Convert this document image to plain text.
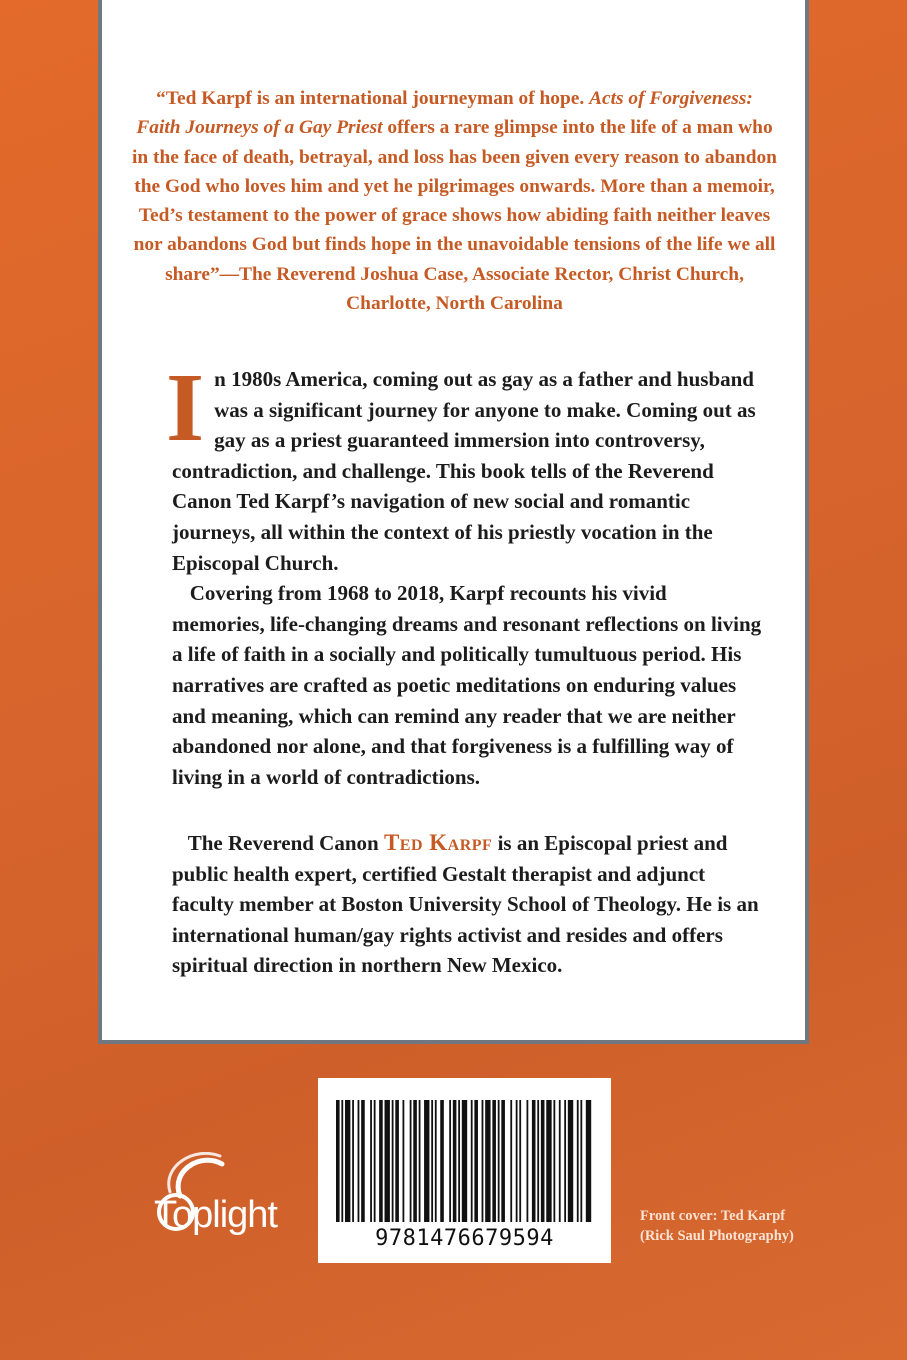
“Ted Karpf is an international journeyman of hope. Acts of Forgiveness:
Faith Journeys of a Gay Priest offers a rare glimpse into the life of a man who in the face of death, betrayal, and loss has been given every reason to abandon the God who loves him and yet he pilgrimages onwards. More than a memoir, Ted’s testament to the power of grace shows how abiding faith neither leaves nor abandons God but finds hope in the unavoidable tensions of the life we all share”—The Reverend Joshua Case, Associate Rector, Christ Church, Charlotte, North Carolina

In 1980s America, coming out as gay as a father and husband was a significant journey for anyone to make. Coming out as gay as a priest guaranteed immersion into controversy, contradiction, and challenge. This book tells of the Reverend Canon Ted Karpf’s navigation of new social and romantic journeys, all within the context of his priestly vocation in the Episcopal Church.

Covering from 1968 to 2018, Karpf recounts his vivid memories, life-changing dreams and resonant reflections on living a life of faith in a socially and politically tumultuous period. His narratives are crafted as poetic meditations on enduring values and meaning, which can remind any reader that we are neither abandoned nor alone, and that forgiveness is a fulfilling way of living in a world of contradictions.

The Reverend Canon Ted Karpf is an Episcopal priest and public health expert, certified Gestalt therapist and adjunct faculty member at Boston University School of Theology. He is an international human/gay rights activist and resides and offers spiritual direction in northern New Mexico.

9781476679594
Toplight	Front cover: Ted Karpf
(Rick Saul Photography)
